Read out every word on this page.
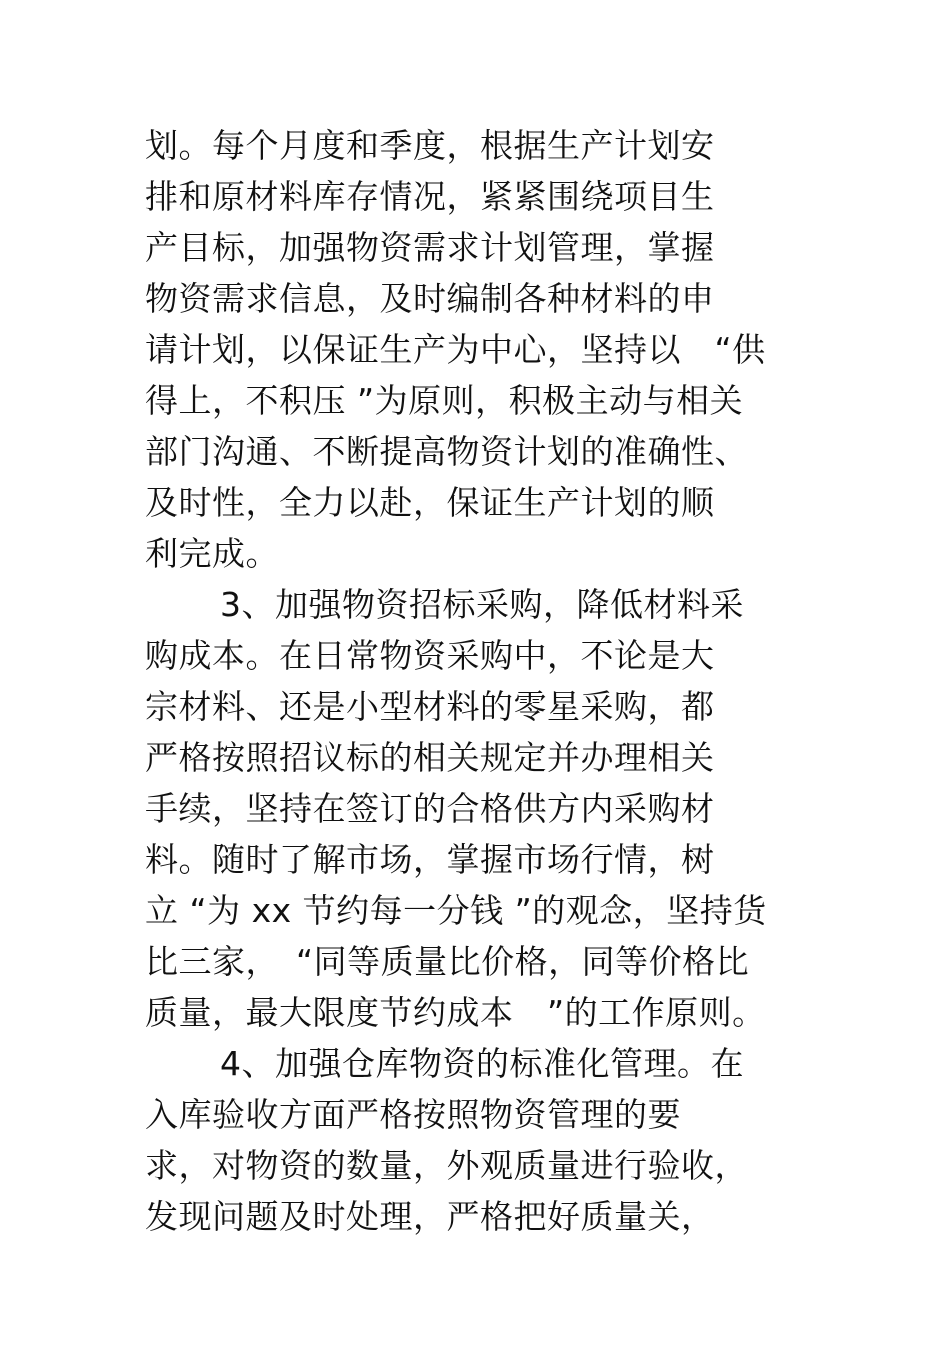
划。每个月度和季度，根据生产计划安
排和原材料库存情况，紧紧围绕项目生
产目标，加强物资需求计划管理，掌握
物资需求信息，及时编制各种材料的申
请计划，以保证生产为中心，坚持以　“供
得上，不积压 ”为原则，积极主动与相关
部门沟通、不断提高物资计划的准确性、
及时性，全力以赴，保证生产计划的顺
利完成。
3、加强物资招标采购，降低材料采
购成本。在日常物资采购中，不论是大
宗材料、还是小型材料的零星采购，都
严格按照招议标的相关规定并办理相关
手续，坚持在签订的合格供方内采购材
料。随时了解市场，掌握市场行情，树
立 “为 xx 节约每一分钱 ”的观念，坚持货
比三家，　“同等质量比价格，同等价格比
质量，最大限度节约成本　”的工作原则。
4、加强仓库物资的标准化管理。在
入库验收方面严格按照物资管理的要
求，对物资的数量，外观质量进行验收，
发现问题及时处理，严格把好质量关，
